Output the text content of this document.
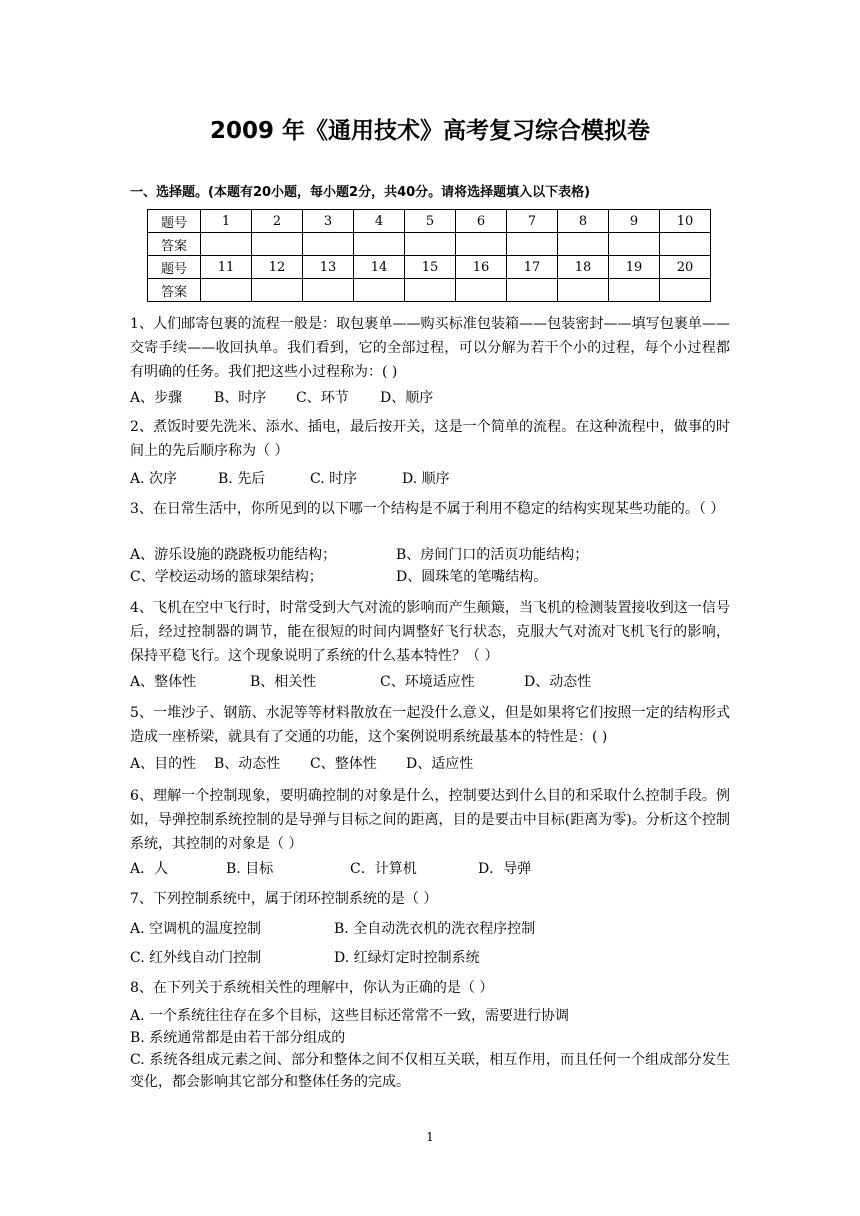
2009 年《通用技术》高考复习综合模拟卷
一、选择题。(本题有20小题，每小题2分，共40分。请将选择题填入以下表格)
题号	1	2	3	4	5	6	7	8	9	10
答案										
题号	11	12	13	14	15	16	17	18	19	20
答案										
1、人们邮寄包裹的流程一般是：取包裹单——购买标准包装箱——包装密封——填写包裹单——交寄手续——收回执单。我们看到，它的全部过程，可以分解为若干个小的过程，每个小过程都有明确的任务。我们把这些小过程称为：( )
A、步骤 B、时序 C、环节 D、顺序
2、煮饭时要先洗米、添水、插电，最后按开关，这是一个简单的流程。在这种流程中，做事的时间上的先后顺序称为（ ）
A. 次序	B. 先后	C. 时序	D. 顺序
3、在日常生活中，你所见到的以下哪一个结构是不属于利用不稳定的结构实现某些功能的。（ ）
A、游乐设施的跷跷板功能结构；	B、房间门口的活页功能结构；
C、学校运动场的篮球架结构；	D、圆珠笔的笔嘴结构。
4、飞机在空中飞行时，时常受到大气对流的影响而产生颠簸，当飞机的检测装置接收到这一信号后，经过控制器的调节，能在很短的时间内调整好飞行状态，克服大气对流对飞机飞行的影响，保持平稳飞行。这个现象说明了系统的什么基本特性？（ ）
A、整体性	B、相关性	C、环境适应性	D、动态性
5、一堆沙子、钢筋、水泥等等材料散放在一起没什么意义，但是如果将它们按照一定的结构形式造成一座桥梁，就具有了交通的功能，这个案例说明系统最基本的特性是：( )
A、目的性 B、动态性 C、整体性 D、适应性
6、理解一个控制现象，要明确控制的对象是什么，控制要达到什么目的和采取什么控制手段。例如，导弹控制系统控制的是导弹与目标之间的距离，目的是要击中目标(距离为零)。分析这个控制系统，其控制的对象是（ ）
A．人	B. 目标	C．计算机	D．导弹
7、下列控制系统中，属于闭环控制系统的是（ ）
A. 空调机的温度控制	B. 全自动洗衣机的洗衣程序控制
C. 红外线自动门控制	D. 红绿灯定时控制系统
8、在下列关于系统相关性的理解中，你认为正确的是（ ）
A. 一个系统往往存在多个目标，这些目标还常常不一致，需要进行协调
B. 系统通常都是由若干部分组成的
C. 系统各组成元素之间、部分和整体之间不仅相互关联，相互作用，而且任何一个组成部分发生变化，都会影响其它部分和整体任务的完成。
1
